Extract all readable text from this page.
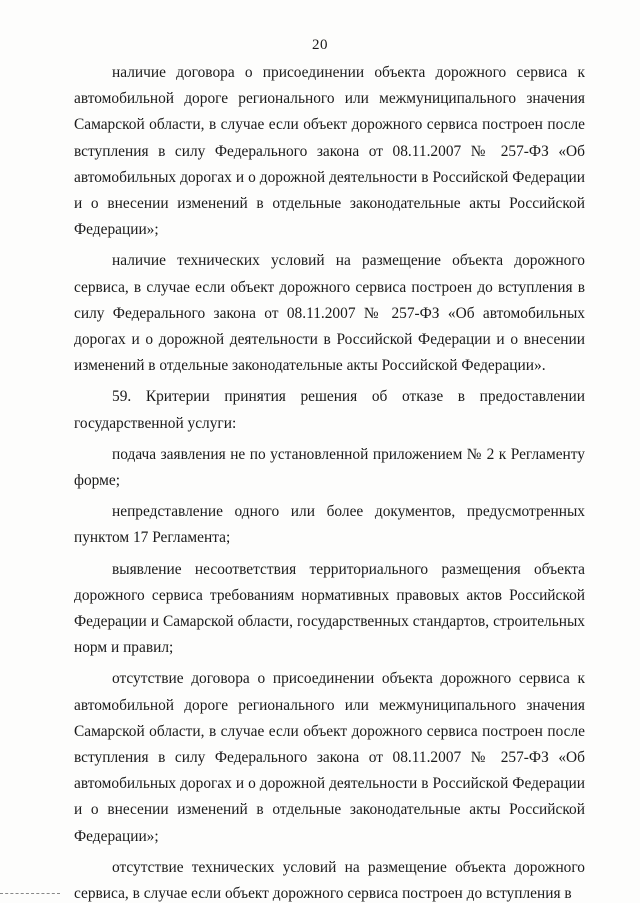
20

наличие договора о присоединении объекта дорожного сервиса к автомобильной дороге регионального или межмуниципального значения Самарской области, в случае если объект дорожного сервиса построен после вступления в силу Федерального закона от 08.11.2007 № 257-ФЗ «Об автомобильных дорогах и о дорожной деятельности в Российской Федерации и о внесении изменений в отдельные законодательные акты Российской Федерации»;

наличие технических условий на размещение объекта дорожного сервиса, в случае если объект дорожного сервиса построен до вступления в силу Федерального закона от 08.11.2007 № 257-ФЗ «Об автомобильных дорогах и о дорожной деятельности в Российской Федерации и о внесении изменений в отдельные законодательные акты Российской Федерации».

59. Критерии принятия решения об отказе в предоставлении государственной услуги:

подача заявления не по установленной приложением № 2 к Регламенту форме;

непредставление одного или более документов, предусмотренных пунктом 17 Регламента;

выявление несоответствия территориального размещения объекта дорожного сервиса требованиям нормативных правовых актов Российской Федерации и Самарской области, государственных стандартов, строительных норм и правил;

отсутствие договора о присоединении объекта дорожного сервиса к автомобильной дороге регионального или межмуниципального значения Самарской области, в случае если объект дорожного сервиса построен после вступления в силу Федерального закона от 08.11.2007 № 257-ФЗ «Об автомобильных дорогах и о дорожной деятельности в Российской Федерации и о внесении изменений в отдельные законодательные акты Российской Федерации»;

отсутствие технических условий на размещение объекта дорожного сервиса, в случае если объект дорожного сервиса построен до вступления в
